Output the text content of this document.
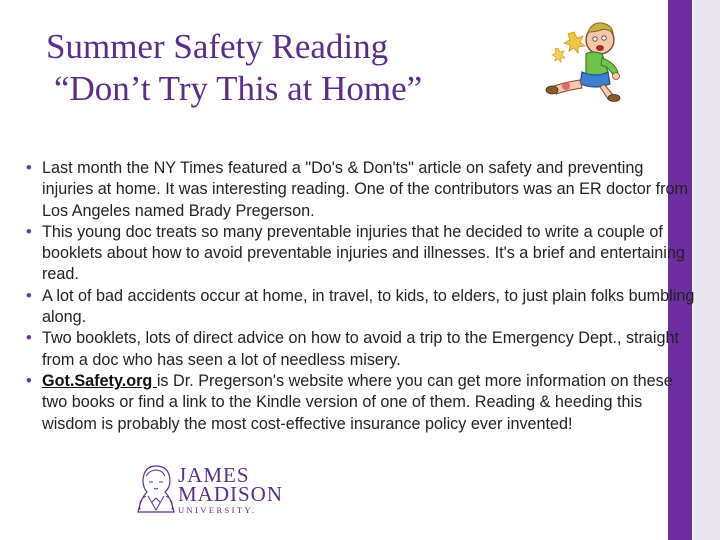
Summer Safety Reading
“Don’t Try This at Home”
• Last month the NY Times featured a "Do's & Don'ts" article on safety and preventing injuries at home. It was interesting reading. One of the contributors was an ER doctor from Los Angeles named Brady Pregerson.
• This young doc treats so many preventable injuries that he decided to write a couple of booklets about how to avoid preventable injuries and illnesses. It's a brief and entertaining read.
• A lot of bad accidents occur at home, in travel, to kids, to elders, to just plain folks bumbling along.
• Two booklets, lots of direct advice on how to avoid a trip to the Emergency Dept., straight from a doc who has seen a lot of needless misery.
• Got.Safety.org is Dr. Pregerson's website where you can get more information on these two books or find a link to the Kindle version of one of them. Reading & heeding this wisdom is probably the most cost-effective insurance policy ever invented!
JAMES
MADISON
UNIVERSITY.
